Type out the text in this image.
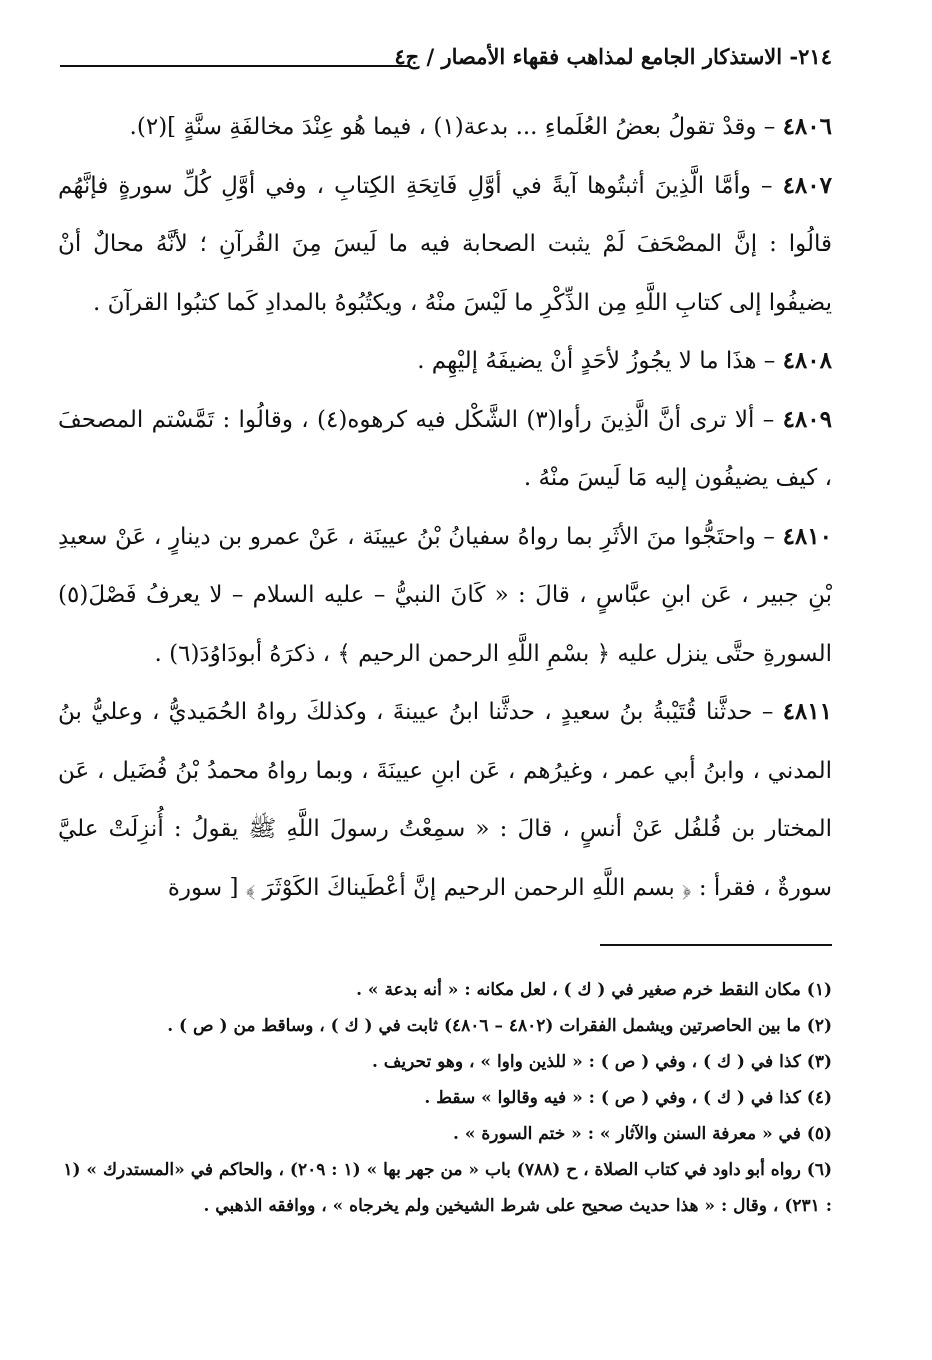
٢١٤- الاستذكار الجامع لمذاهب فقهاء الأمصار / ج٤

٤٨٠٦ – وقدْ تقولُ بعضُ العُلَماءِ ... بدعة(١) ، فيما هُو عِنْدَ مخالفَةِ سنَّةٍ ](٢).

٤٨٠٧ – وأمَّا الَّذِينَ أثبتُوها آيةً في أوَّلِ فَاتِحَةِ الكِتابِ ، وفي أوَّلِ كُلِّ سورةٍ فإنَّهُم قالُوا : إنَّ المصْحَفَ لَمْ يثبت الصحابة فيه ما لَيسَ مِنَ القُرآنِ ؛ لأنَّهُ محالٌ أنْ يضيفُوا إلى كتابِ اللَّهِ مِن الذِّكْرِ ما لَيْسَ منْهُ ، ويكتُبُوهُ بالمدادِ كَما كتبُوا القرآنَ .

٤٨٠٨ – هذَا ما لا يجُوزُ لأحَدٍ أنْ يضيفَهُ إليْهِم .

٤٨٠٩ – ألا ترى أنَّ الَّذِينَ رأوا(٣) الشَّكْل فيه كرهوه(٤) ، وقالُوا : تَمَّسْتم المصحفَ ، كيف يضيفُون إليه مَا لَيسَ منْهُ .

٤٨١٠ – واحتَجُّوا منَ الأثَرِ بما رواهُ سفيانُ بْنُ عيينَة ، عَنْ عمرو بن دينارٍ ، عَنْ سعيدِ بْنِ جبير ، عَن ابنِ عبَّاسٍ ، قالَ : « كَانَ النبيُّ – عليه السلام – لا يعرفُ فَصْلَ(٥) السورةِ حتَّى ينزل عليه ﴿ بسْمِ اللَّهِ الرحمن الرحيم ﴾ ، ذكرَهُ أبودَاوُدَ(٦) .

٤٨١١ – حدثَّنا قُتَيْبةُ بنُ سعيدٍ ، حدثَّنا ابنُ عيينةَ ، وكذلكَ رواهُ الحُمَيديُّ ، وعليُّ بنُ المدني ، وابنُ أبي عمر ، وغيرُهم ، عَن ابنِ عيينَةَ ، وبما رواهُ محمدُ بْنُ فُضَيل ، عَن المختار بن فُلفُل عَنْ أنسٍ ، قالَ : « سمِعْتُ رسولَ اللَّهِ ﷺ يقولُ : أُنزِلَتْ عليَّ سورةٌ ، فقرأ : ﴿ بسم اللَّهِ الرحمن الرحيم إنَّ أعْطَيناكَ الكَوْثَرَ ﴾ [ سورة

(١) مكان النقط خرم صغير في ( ك ) ، لعل مكانه : « أنه بدعة » .

(٢) ما بين الحاصرتين ويشمل الفقرات (٤٨٠٢ – ٤٨٠٦) ثابت في ( ك ) ، وساقط من ( ص ) .

(٣) كذا في ( ك ) ، وفي ( ص ) : « للذين واوا » ، وهو تحريف .

(٤) كذا في ( ك ) ، وفي ( ص ) : « فيه وقالوا » سقط .

(٥) في « معرفة السنن والآثار » : « ختم السورة » .

(٦) رواه أبو داود في كتاب الصلاة ، ح (٧٨٨) باب « من جهر بها » (١ : ٢٠٩) ، والحاكم في «المستدرك » (١ : ٢٣١) ، وقال : « هذا حديث صحيح على شرط الشيخين ولم يخرجاه » ، ووافقه الذهبي .
